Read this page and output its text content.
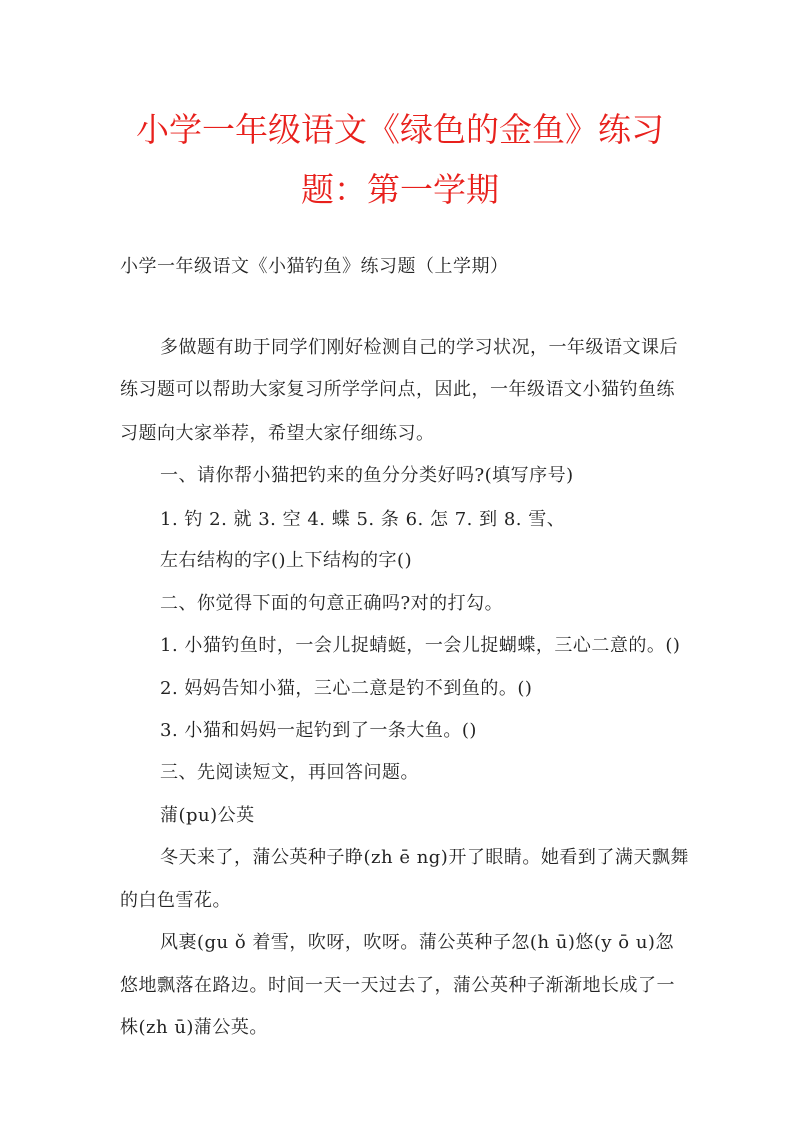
小学一年级语文《绿色的金鱼》练习题：第一学期

小学一年级语文《小猫钓鱼》练习题（上学期）

多做题有助于同学们刚好检测自己的学习状况，一年级语文课后

练习题可以帮助大家复习所学学问点，因此，一年级语文小猫钓鱼练

习题向大家举荐，希望大家仔细练习。

一、请你帮小猫把钓来的鱼分分类好吗?(填写序号)

1. 钓 2. 就 3. 空 4. 蝶 5. 条 6. 怎 7. 到 8. 雪、

左右结构的字()上下结构的字()

二、你觉得下面的句意正确吗?对的打勾。

1. 小猫钓鱼时，一会儿捉蜻蜓，一会儿捉蝴蝶，三心二意的。()

2. 妈妈告知小猫，三心二意是钓不到鱼的。()

3. 小猫和妈妈一起钓到了一条大鱼。()

三、先阅读短文，再回答问题。

蒲(pu)公英

冬天来了，蒲公英种子睁(zh ē ng)开了眼睛。她看到了满天飘舞

的白色雪花。

风裹(gu ǒ 着雪，吹呀，吹呀。蒲公英种子忽(h ū)悠(y ō u)忽

悠地飘落在路边。时间一天一天过去了，蒲公英种子渐渐地长成了一

株(zh ū)蒲公英。
